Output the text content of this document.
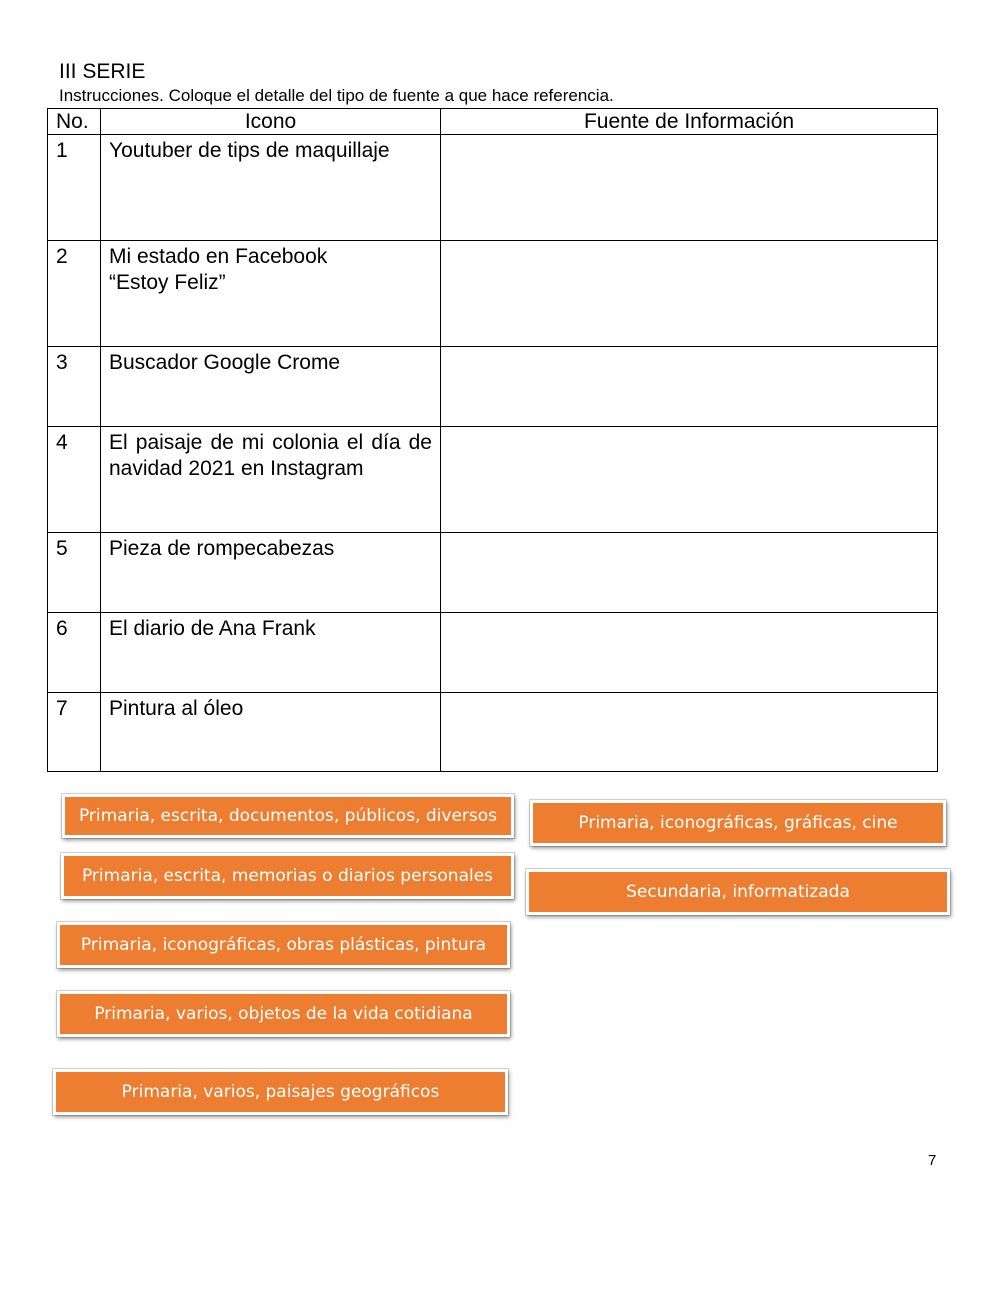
III SERIE
Instrucciones. Coloque el detalle del tipo de fuente a que hace referencia.
No.	Icono	Fuente de Información
1	Youtuber de tips de maquillaje	

2	Mi estado en Facebook
“Estoy Feliz”	

3	Buscador Google Crome	

4	El paisaje de mi colonia el día de navidad 2021 en Instagram	

5	Pieza de rompecabezas	

6	El diario de Ana Frank	

7	Pintura al óleo	

Primaria, escrita, documentos, públicos, diversos	Primaria, iconográficas, gráficas, cine
Primaria, escrita, memorias o diarios personales
Secundaria, informatizada
Primaria, iconográficas, obras plásticas, pintura
Primaria, varios, objetos de la vida cotidiana
Primaria, varios, paisajes geográficos
7
